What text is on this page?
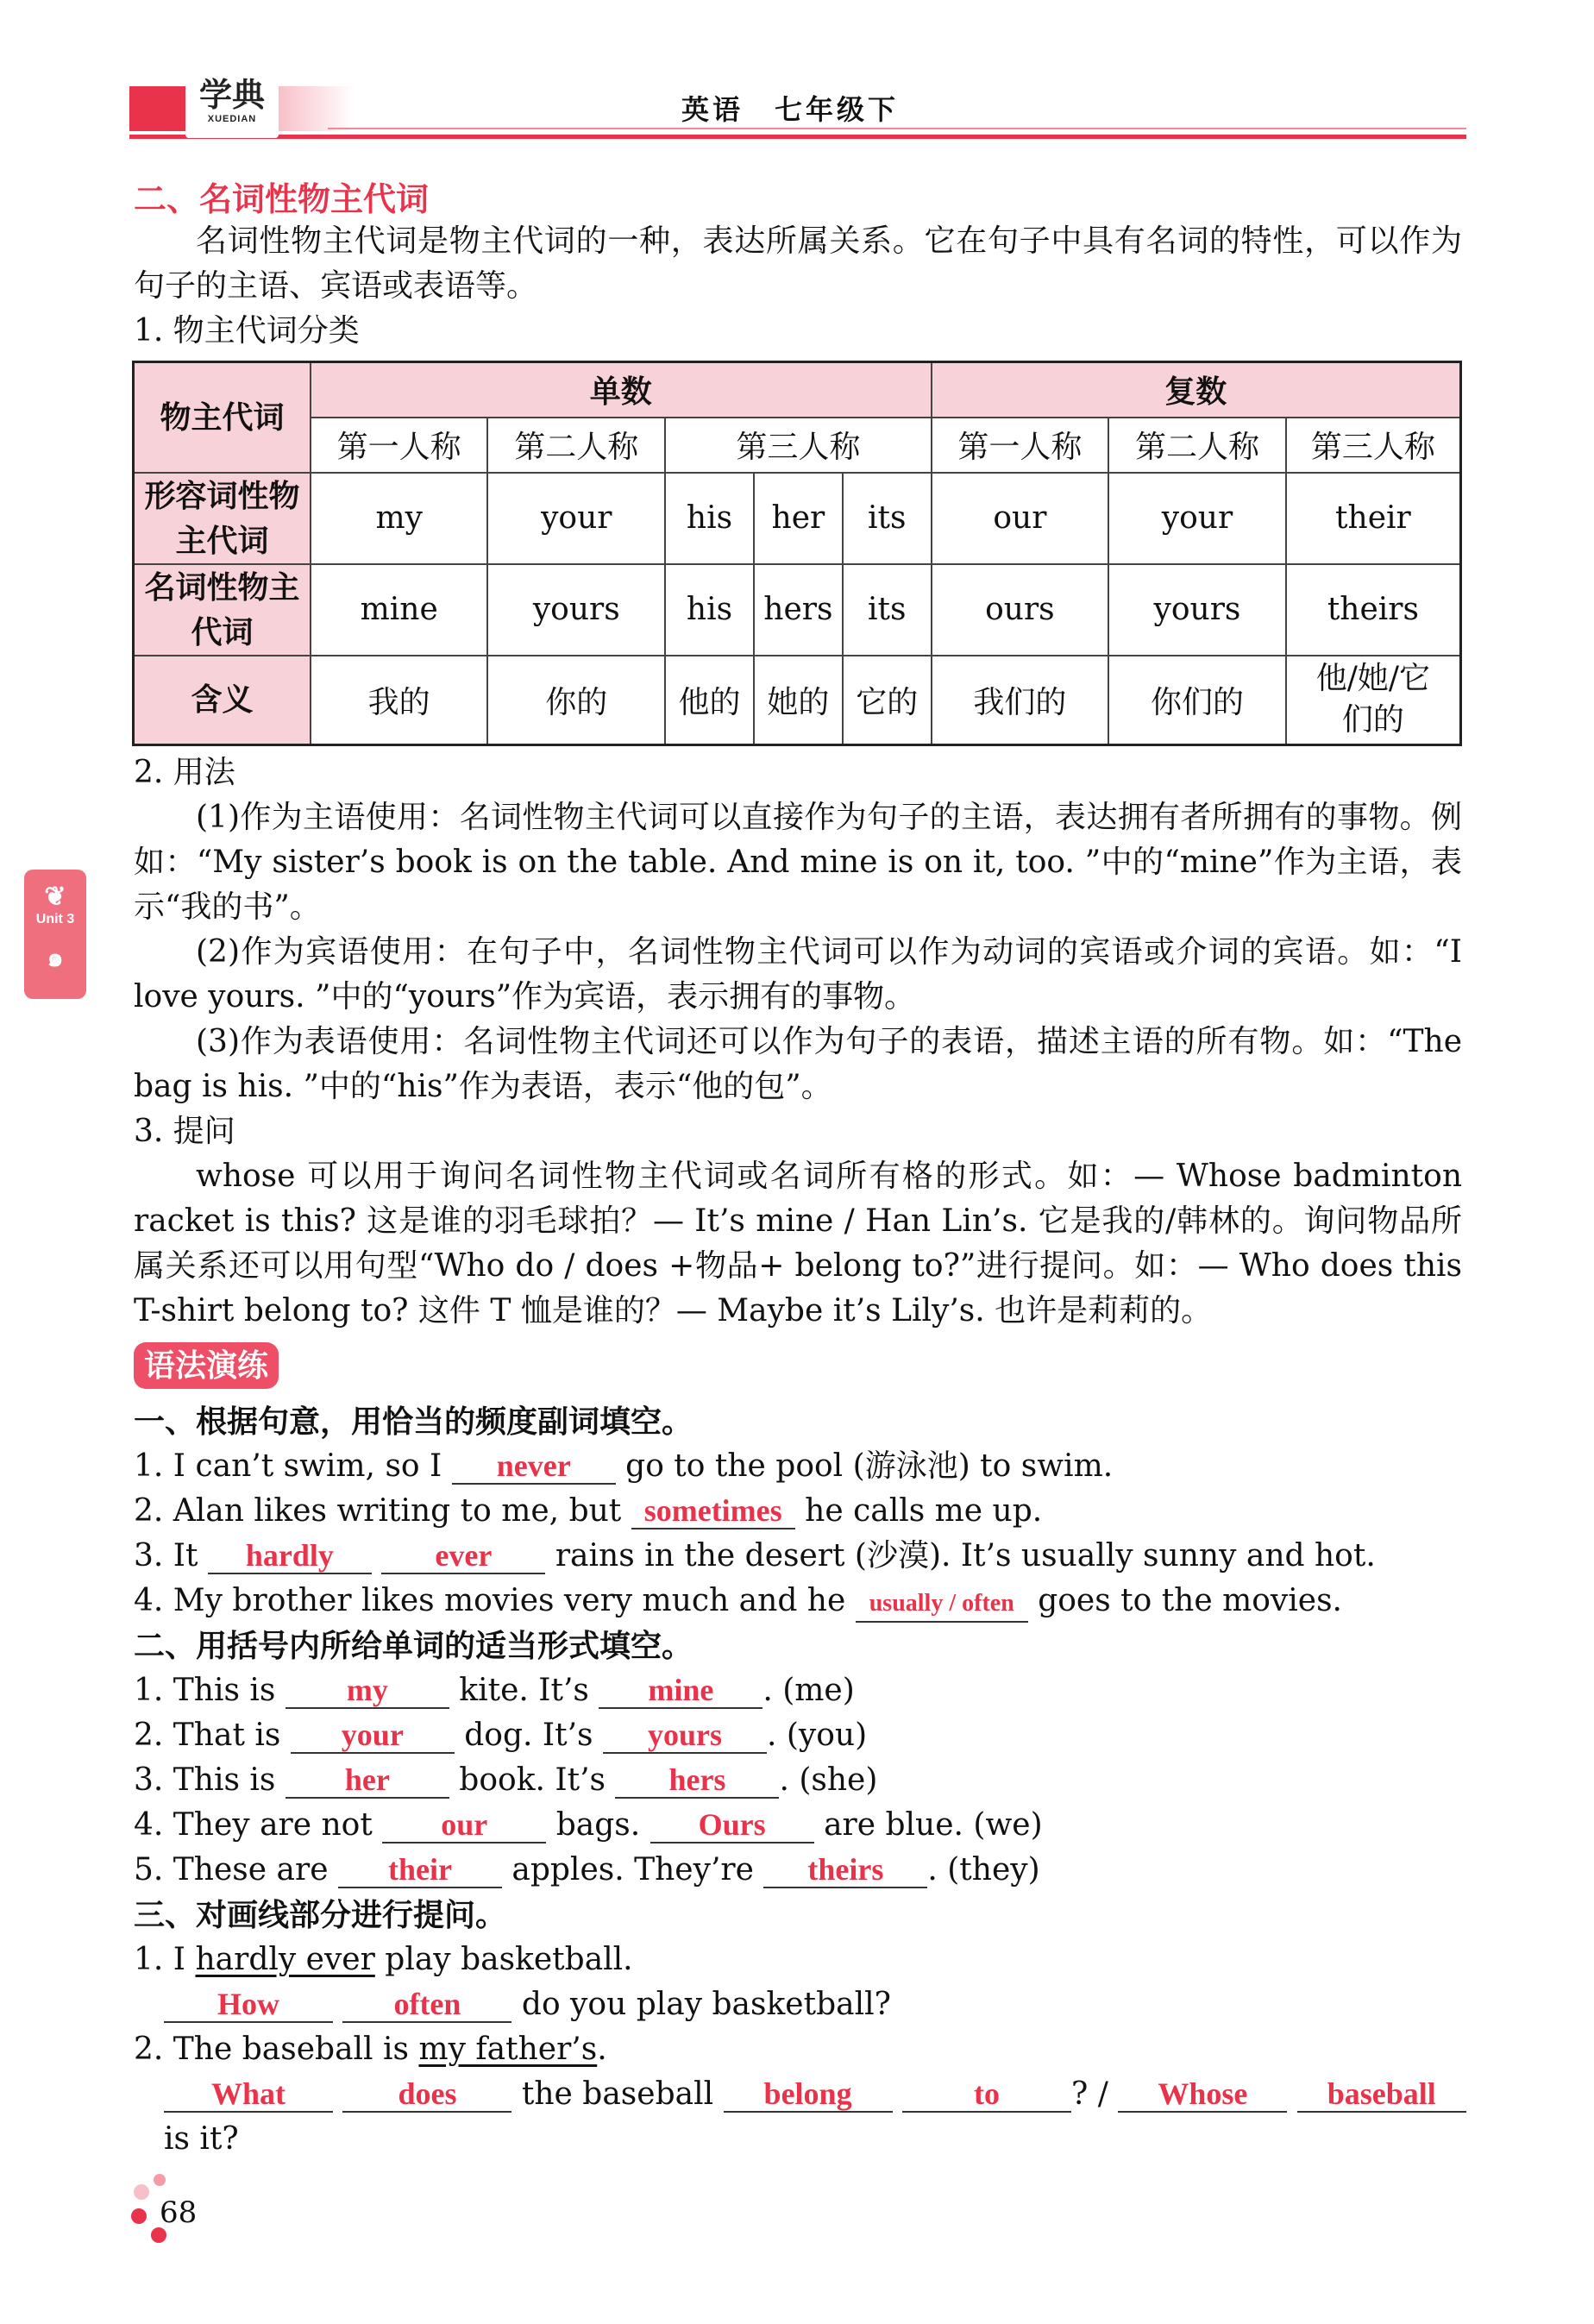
学典
XUEDIAN	英语　七年级下
❦
Unit 3
๑
二、名词性物主代词
名词性物主代词是物主代词的一种，表达所属关系。它在句子中具有名词的特性，可以作为句子的主语、宾语或表语等。
1. 物主代词分类
物主代词	单数					复数		
	第一人称	第二人称	第三人称			第一人称	第二人称	第三人称
形容词性物主代词	my	your	his	her	its	our	your	their
名词性物主代词	mine	yours	his	hers	its	ours	yours	theirs
含义	我的	你的	他的	她的	它的	我们的	你们的	他/她/它们的
2. 用法
(1)作为主语使用：名词性物主代词可以直接作为句子的主语，表达拥有者所拥有的事物。例如：“My sister’s book is on the table. And mine is on it, too. ”中的“mine”作为主语，表示“我的书”。
(2)作为宾语使用：在句子中，名词性物主代词可以作为动词的宾语或介词的宾语。如：“I love yours. ”中的“yours”作为宾语，表示拥有的事物。
(3)作为表语使用：名词性物主代词还可以作为句子的表语，描述主语的所有物。如：“The bag is his. ”中的“his”作为表语，表示“他的包”。
3. 提问
whose 可以用于询问名词性物主代词或名词所有格的形式。如：— Whose badminton racket is this? 这是谁的羽毛球拍？— It’s mine / Han Lin’s. 它是我的/韩林的。询问物品所属关系还可以用句型“Who do / does +物品+ belong to?”进行提问。如：— Who does this T-shirt belong to? 这件 T 恤是谁的？— Maybe it’s Lily’s. 也许是莉莉的。
语法演练
一、根据句意，用恰当的频度副词填空。
1. I can’t swim, so I never go to the pool (游泳池) to swim.
2. Alan likes writing to me, but sometimes he calls me up.
3. It hardly	ever rains in the desert (沙漠). It’s usually sunny and hot.
4. My brother likes movies very much and he usually / often goes to the movies.
二、用括号内所给单词的适当形式填空。
1. This is my kite. It’s mine . (me)
2. That is your dog. It’s yours . (you)
3. This is her book. It’s hers . (she)
4. They are not our bags. Ours are blue. (we)
5. These are their apples. They’re theirs . (they)
三、对画线部分进行提问。
1. I hardly ever play basketball.
How	often do you play basketball?
2. The baseball is my father’s.
What	does the baseball belong	to ? / Whose	baseball
is it?
68
